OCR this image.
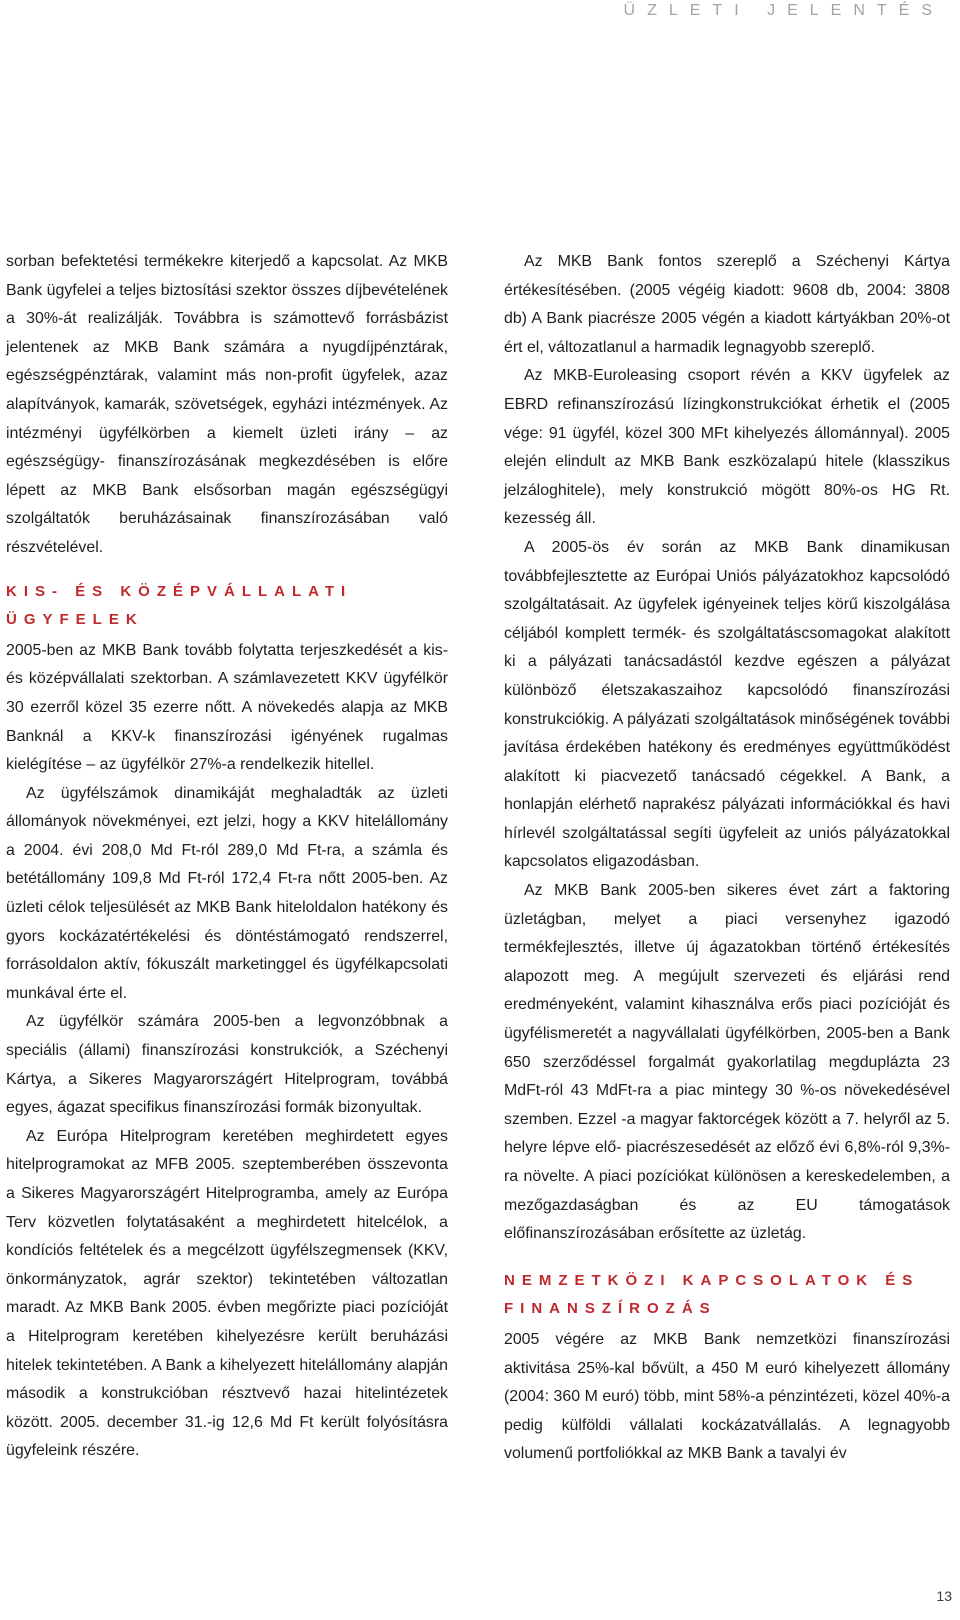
ÜZLETI JELENTÉS

sorban befektetési termékekre kiterjedő a kapcsolat. Az MKB Bank ügyfelei a teljes biztosítási szektor összes díjbevételének a 30%-át realizálják. Továbbra is számottevő forrásbázist jelentenek az MKB Bank számára a nyugdíjpénztárak, egészségpénztárak, valamint más non-profit ügyfelek, azaz alapítványok, kamarák, szövetségek, egyházi intézmények. Az intézményi ügyfélkörben a kiemelt üzleti irány ‒ az egészségügy- finanszírozásának megkezdésében is előre lépett az MKB Bank elsősorban magán egészségügyi szolgáltatók beruházásainak finanszírozásában való részvételével.

KIS- ÉS KÖZÉPVÁLLALATI ÜGYFELEK

2005-ben az MKB Bank tovább folytatta terjeszkedését a kis- és középvállalati szektorban. A számlavezetett KKV ügyfélkör 30 ezerről közel 35 ezerre nőtt. A növekedés alapja az MKB Banknál a KKV-k finanszírozási igényének rugalmas kielégítése ‒ az ügyfélkör 27%-a rendelkezik hitellel.

Az ügyfélszámok dinamikáját meghaladták az üzleti állományok növekményei, ezt jelzi, hogy a KKV hitelállomány a 2004. évi 208,0 Md Ft-ról 289,0 Md Ft-ra, a számla és betétállomány 109,8 Md Ft-ról 172,4 Ft-ra nőtt 2005-ben. Az üzleti célok teljesülését az MKB Bank hiteloldalon hatékony és gyors kockázatértékelési és döntéstámogató rendszerrel, forrásoldalon aktív, fókuszált marketinggel és ügyfélkapcsolati munkával érte el.

Az ügyfélkör számára 2005-ben a legvonzóbbnak a speciális (állami) finanszírozási konstrukciók, a Széchenyi Kártya, a Sikeres Magyarországért Hitelprogram, továbbá egyes, ágazat specifikus finanszírozási formák bizonyultak.

Az Európa Hitelprogram keretében meghirdetett egyes hitelprogramokat az MFB 2005. szeptemberében összevonta a Sikeres Magyarországért Hitelprogramba, amely az Európa Terv közvetlen folytatásaként a meghirdetett hitelcélok, a kondíciós feltételek és a megcélzott ügyfélszegmensek (KKV, önkormányzatok, agrár szektor) tekintetében változatlan maradt. Az MKB Bank 2005. évben megőrizte piaci pozícióját a Hitelprogram keretében kihelyezésre került beruházási hitelek tekintetében. A Bank a kihelyezett hitelállomány alapján második a konstrukcióban résztvevő hazai hitelintézetek között. 2005. december 31.-ig 12,6 Md Ft került folyósításra ügyfeleink részére.

Az MKB Bank fontos szereplő a Széchenyi Kártya értékesítésében. (2005 végéig kiadott: 9608 db, 2004: 3808 db) A Bank piacrésze 2005 végén a kiadott kártyákban 20%-ot ért el, változatlanul a harmadik legnagyobb szereplő.

Az MKB-Euroleasing csoport révén a KKV ügyfelek az EBRD refinanszírozású lízingkonstrukciókat érhetik el (2005 vége: 91 ügyfél, közel 300 MFt kihelyezés állománnyal). 2005 elején elindult az MKB Bank eszközalapú hitele (klasszikus jelzáloghitele), mely konstrukció mögött 80%-os HG Rt. kezesség áll.

A 2005-ös év során az MKB Bank dinamikusan továbbfejlesztette az Európai Uniós pályázatokhoz kapcsolódó szolgáltatásait. Az ügyfelek igényeinek teljes körű kiszolgálása céljából komplett termék- és szolgáltatáscsomagokat alakított ki a pályázati tanácsadástól kezdve egészen a pályázat különböző életszakaszaihoz kapcsolódó finanszírozási konstrukciókig. A pályázati szolgáltatások minőségének további javítása érdekében hatékony és eredményes együttműködést alakított ki piacvezető tanácsadó cégekkel. A Bank, a honlapján elérhető naprakész pályázati információkkal és havi hírlevél szolgáltatással segíti ügyfeleit az uniós pályázatokkal kapcsolatos eligazodásban.

Az MKB Bank 2005-ben sikeres évet zárt a faktoring üzletágban, melyet a piaci versenyhez igazodó termékfejlesztés, illetve új ágazatokban történő értékesítés alapozott meg. A megújult szervezeti és eljárási rend eredményeként, valamint kihasználva erős piaci pozícióját és ügyfélismeretét a nagyvállalati ügyfélkörben, 2005-ben a Bank 650 szerződéssel forgalmát gyakorlatilag megduplázta 23 MdFt-ról 43 MdFt-ra a piac mintegy 30 %-os növekedésével szemben. Ezzel -a magyar faktorcégek között a 7. helyről az 5. helyre lépve elő- piacrészesedését az előző évi 6,8%-ról 9,3%-ra növelte. A piaci pozíciókat különösen a kereskedelemben, a mezőgazdaságban és az EU támogatások előfinanszírozásában erősítette az üzletág.

NEMZETKÖZI KAPCSOLATOK ÉS FINANSZÍROZÁS

2005 végére az MKB Bank nemzetközi finanszírozási aktivitása 25%-kal bővült, a 450 M euró kihelyezett állomány (2004: 360 M euró) több, mint 58%-a pénzintézeti, közel 40%-a pedig külföldi vállalati kockázatvállalás. A legnagyobb volumenű portfoliókkal az MKB Bank a tavalyi év

13
